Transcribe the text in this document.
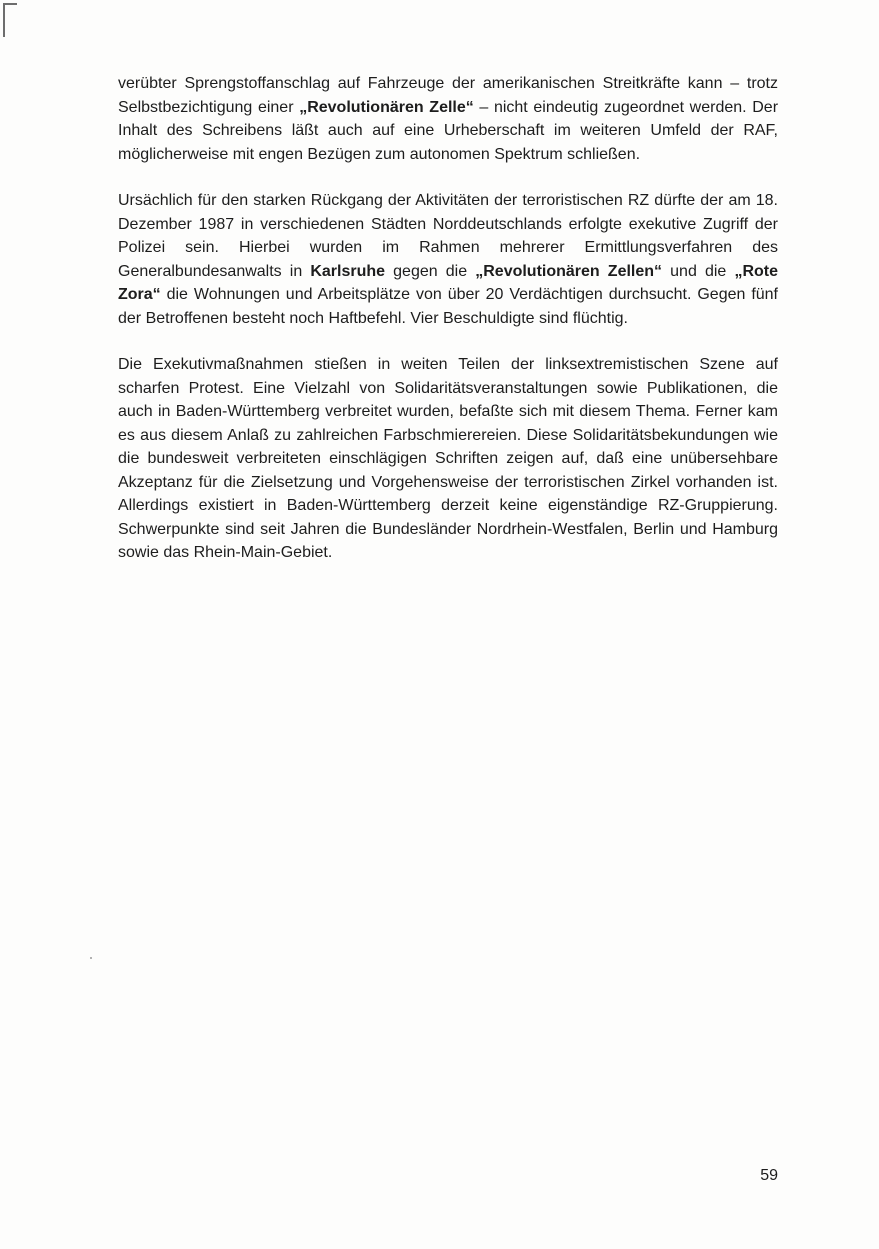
verübter Sprengstoffanschlag auf Fahrzeuge der amerikanischen Streitkräfte kann – trotz Selbstbezichtigung einer „Revolutionären Zelle“ – nicht eindeutig zugeordnet werden. Der Inhalt des Schreibens läßt auch auf eine Urheberschaft im weiteren Umfeld der RAF, möglicherweise mit engen Bezügen zum autonomen Spektrum schließen.

Ursächlich für den starken Rückgang der Aktivitäten der terroristischen RZ dürfte der am 18. Dezember 1987 in verschiedenen Städten Norddeutschlands erfolgte exekutive Zugriff der Polizei sein. Hierbei wurden im Rahmen mehrerer Ermittlungsverfahren des Generalbundesanwalts in Karlsruhe gegen die „Revolutionären Zellen“ und die „Rote Zora“ die Wohnungen und Arbeitsplätze von über 20 Verdächtigen durchsucht. Gegen fünf der Betroffenen besteht noch Haftbefehl. Vier Beschuldigte sind flüchtig.

Die Exekutivmaßnahmen stießen in weiten Teilen der linksextremistischen Szene auf scharfen Protest. Eine Vielzahl von Solidaritätsveranstaltungen sowie Publikationen, die auch in Baden-Württemberg verbreitet wurden, befaßte sich mit diesem Thema. Ferner kam es aus diesem Anlaß zu zahlreichen Farbschmierereien. Diese Solidaritätsbekundungen wie die bundesweit verbreiteten einschlägigen Schriften zeigen auf, daß eine unübersehbare Akzeptanz für die Zielsetzung und Vorgehensweise der terroristischen Zirkel vorhanden ist. Allerdings existiert in Baden-Württemberg derzeit keine eigenständige RZ-Gruppierung. Schwerpunkte sind seit Jahren die Bundesländer Nordrhein-Westfalen, Berlin und Hamburg sowie das Rhein-Main-Gebiet.

59
